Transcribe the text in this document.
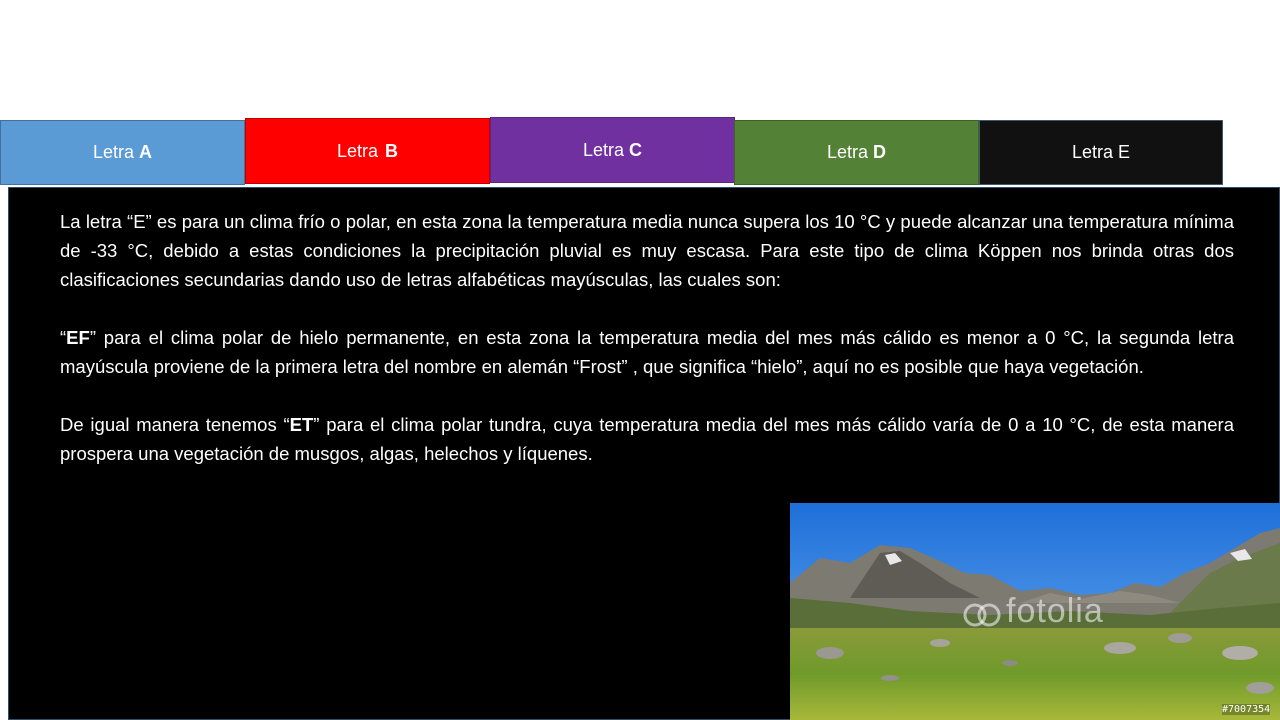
Letra A	Letra B	Letra C	Letra D	Letra E

La letra “E” es para un clima frío o polar, en esta zona la temperatura media nunca supera los 10 °C y puede alcanzar una temperatura mínima de -33 °C, debido a estas condiciones la precipitación pluvial es muy escasa. Para este tipo de clima Köppen nos brinda otras dos clasificaciones secundarias dando uso de letras alfabéticas mayúsculas, las cuales son:

“EF” para el clima polar de hielo permanente, en esta zona la temperatura media del mes más cálido es menor a 0 °C, la segunda letra mayúscula proviene de la primera letra del nombre en alemán “Frost” , que significa “hielo”, aquí no es posible que haya vegetación.

De igual manera tenemos “ET” para el clima polar tundra, cuya temperatura media del mes más cálido varía de 0 a 10 °C, de esta manera prospera una vegetación de musgos, algas, helechos y líquenes.

fotolia
#7007354
